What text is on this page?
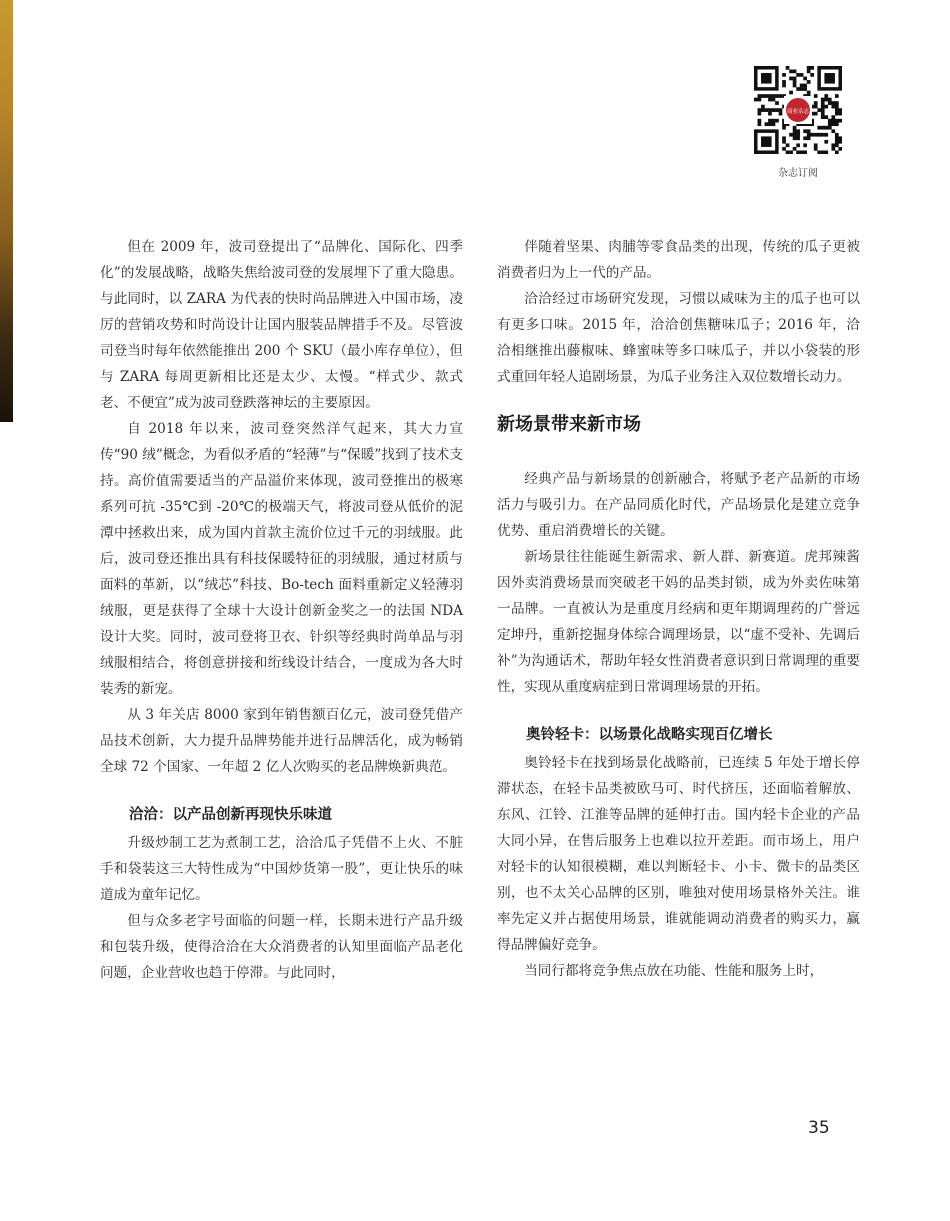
商业杂志
杂志订阅

但在 2009 年，波司登提出了“品牌化、国际化、四季化”的发展战略，战略失焦给波司登的发展埋下了重大隐患。与此同时，以 ZARA 为代表的快时尚品牌进入中国市场，凌厉的营销攻势和时尚设计让国内服装品牌措手不及。尽管波司登当时每年依然能推出 200 个 SKU（最小库存单位），但与 ZARA 每周更新相比还是太少、太慢。“样式少、款式老、不便宜”成为波司登跌落神坛的主要原因。

自 2018 年以来，波司登突然洋气起来，其大力宣传“90 绒”概念，为看似矛盾的“轻薄”与“保暖”找到了技术支持。高价值需要适当的产品溢价来体现，波司登推出的极寒系列可抗 -35℃到 -20℃的极端天气，将波司登从低价的泥潭中拯救出来，成为国内首款主流价位过千元的羽绒服。此后，波司登还推出具有科技保暖特征的羽绒服，通过材质与面料的革新，以“绒芯”科技、Bo-tech 面料重新定义轻薄羽绒服，更是获得了全球十大设计创新金奖之一的法国 NDA 设计大奖。同时，波司登将卫衣、针织等经典时尚单品与羽绒服相结合，将创意拼接和绗线设计结合，一度成为各大时装秀的新宠。

从 3 年关店 8000 家到年销售额百亿元，波司登凭借产品技术创新，大力提升品牌势能并进行品牌活化，成为畅销全球 72 个国家、一年超 2 亿人次购买的老品牌焕新典范。

洽洽：以产品创新再现快乐味道

升级炒制工艺为煮制工艺，洽洽瓜子凭借不上火、不脏手和袋装这三大特性成为“中国炒货第一股”，更让快乐的味道成为童年记忆。

但与众多老字号面临的问题一样，长期未进行产品升级和包装升级，使得洽洽在大众消费者的认知里面临产品老化问题，企业营收也趋于停滞。与此同时，

伴随着坚果、肉脯等零食品类的出现，传统的瓜子更被消费者归为上一代的产品。

洽洽经过市场研究发现，习惯以咸味为主的瓜子也可以有更多口味。2015 年，洽洽创焦糖味瓜子；2016 年，洽洽相继推出藤椒味、蜂蜜味等多口味瓜子，并以小袋装的形式重回年轻人追剧场景，为瓜子业务注入双位数增长动力。

新场景带来新市场

经典产品与新场景的创新融合，将赋予老产品新的市场活力与吸引力。在产品同质化时代，产品场景化是建立竞争优势、重启消费增长的关键。

新场景往往能诞生新需求、新人群、新赛道。虎邦辣酱因外卖消费场景而突破老干妈的品类封锁，成为外卖佐味第一品牌。一直被认为是重度月经病和更年期调理药的广誉远定坤丹，重新挖掘身体综合调理场景，以“虚不受补、先调后补”为沟通话术，帮助年轻女性消费者意识到日常调理的重要性，实现从重度病症到日常调理场景的开拓。

奥铃轻卡：以场景化战略实现百亿增长

奥铃轻卡在找到场景化战略前，已连续 5 年处于增长停滞状态，在轻卡品类被欧马可、时代挤压，还面临着解放、东风、江铃、江淮等品牌的延伸打击。国内轻卡企业的产品大同小异，在售后服务上也难以拉开差距。而市场上，用户对轻卡的认知很模糊，难以判断轻卡、小卡、微卡的品类区别，也不太关心品牌的区别，唯独对使用场景格外关注。谁率先定义并占据使用场景，谁就能调动消费者的购买力，赢得品牌偏好竞争。

当同行都将竞争焦点放在功能、性能和服务上时，

35
